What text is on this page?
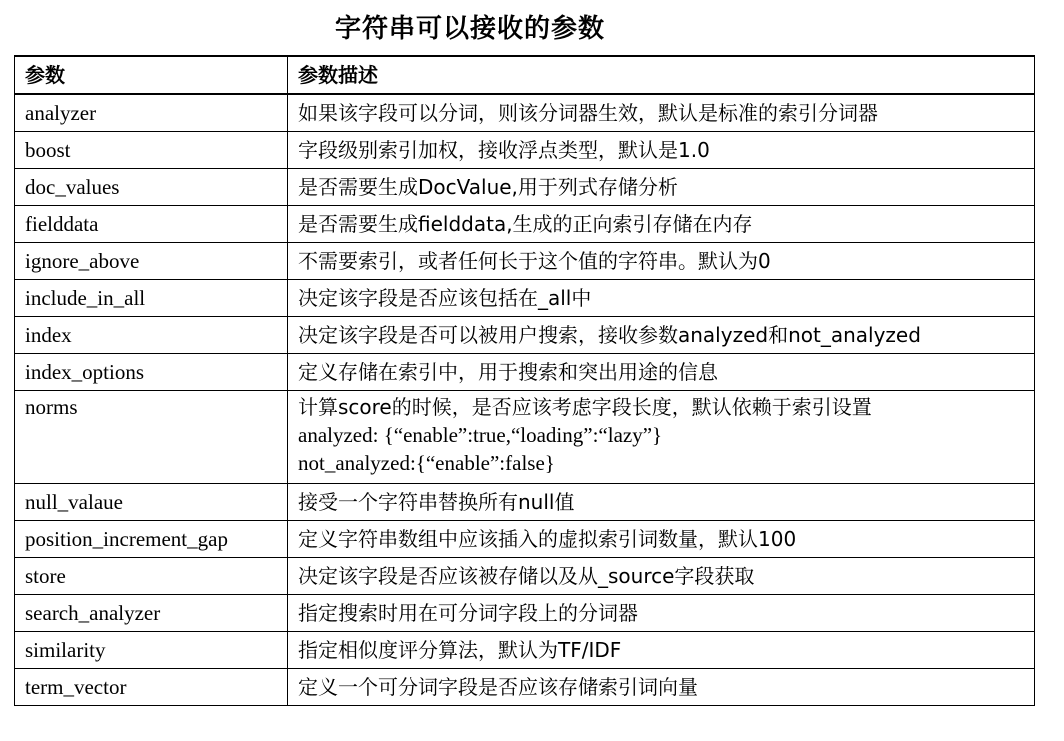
字符串可以接收的参数
参数	参数描述
analyzer	如果该字段可以分词，则该分词器生效，默认是标准的索引分词器
boost	字段级别索引加权，接收浮点类型，默认是1.0
doc_values	是否需要生成DocValue,用于列式存储分析
fielddata	是否需要生成fielddata,生成的正向索引存储在内存
ignore_above	不需要索引，或者任何长于这个值的字符串。默认为0
include_in_all	决定该字段是否应该包括在_all中
index	决定该字段是否可以被用户搜索，接收参数analyzed和not_analyzed
index_options	定义存储在索引中，用于搜索和突出用途的信息
norms	计算score的时候，是否应该考虑字段长度，默认依赖于索引设置
analyzed: {“enable”:true,“loading”:“lazy”}
not_analyzed:{“enable”:false}

null_valaue	接受一个字符串替换所有null值
position_increment_gap	定义字符串数组中应该插入的虚拟索引词数量，默认100
store	决定该字段是否应该被存储以及从_source字段获取
search_analyzer	指定搜索时用在可分词字段上的分词器
similarity	指定相似度评分算法，默认为TF/IDF
term_vector	定义一个可分词字段是否应该存储索引词向量
